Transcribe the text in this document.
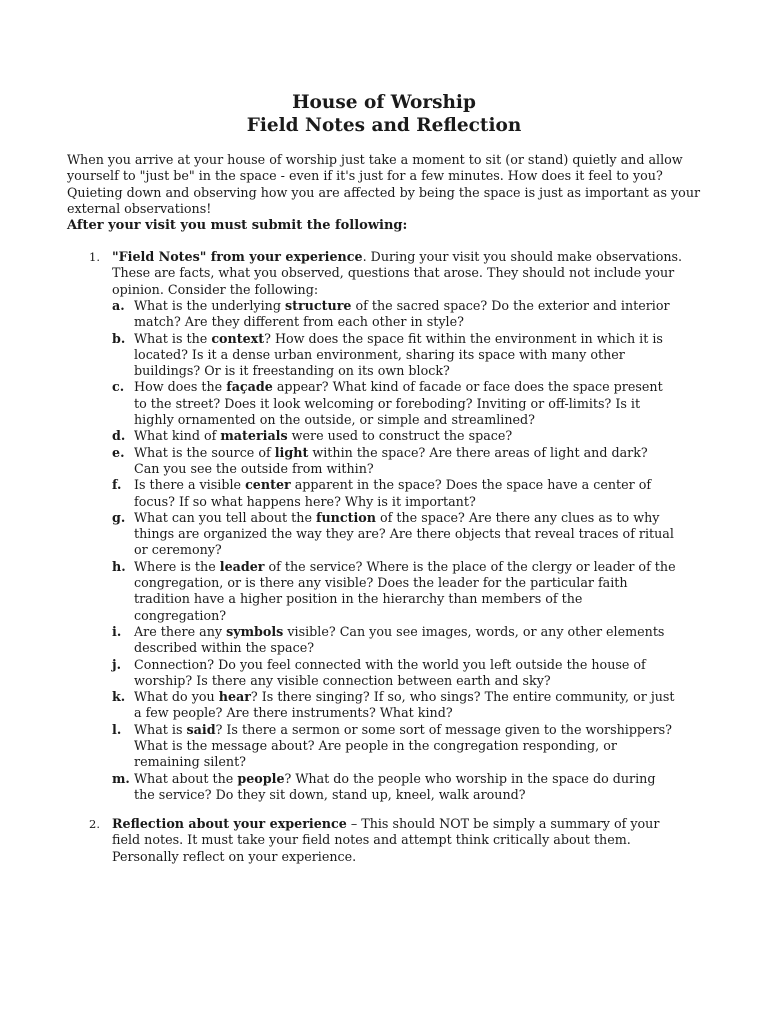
House of Worship
Field Notes and Reflection

When you arrive at your house of worship just take a moment to sit (or stand) quietly and allow yourself to "just be" in the space - even if it's just for a few minutes. How does it feel to you? Quieting down and observing how you are affected by being the space is just as important as your external observations!

After your visit you must submit the following:

1. "Field Notes" from your experience. During your visit you should make observations. These are facts, what you observed, questions that arose. They should not include your opinion. Consider the following:
a. What is the underlying structure of the sacred space? Do the exterior and interior match? Are they different from each other in style?
b. What is the context? How does the space fit within the environment in which it is located? Is it a dense urban environment, sharing its space with many other buildings? Or is it freestanding on its own block?
c. How does the façade appear? What kind of facade or face does the space present to the street? Does it look welcoming or foreboding? Inviting or off-limits? Is it highly ornamented on the outside, or simple and streamlined?
d. What kind of materials were used to construct the space?
e. What is the source of light within the space? Are there areas of light and dark? Can you see the outside from within?
f. Is there a visible center apparent in the space? Does the space have a center of focus? If so what happens here? Why is it important?
g. What can you tell about the function of the space? Are there any clues as to why things are organized the way they are? Are there objects that reveal traces of ritual or ceremony?
h. Where is the leader of the service? Where is the place of the clergy or leader of the congregation, or is there any visible? Does the leader for the particular faith tradition have a higher position in the hierarchy than members of the congregation?
i. Are there any symbols visible? Can you see images, words, or any other elements described within the space?
j. Connection? Do you feel connected with the world you left outside the house of worship? Is there any visible connection between earth and sky?
k. What do you hear? Is there singing? If so, who sings? The entire community, or just a few people? Are there instruments? What kind?
l. What is said? Is there a sermon or some sort of message given to the worshippers? What is the message about? Are people in the congregation responding, or remaining silent?
m. What about the people? What do the people who worship in the space do during the service? Do they sit down, stand up, kneel, walk around?
2. Reflection about your experience – This should NOT be simply a summary of your field notes. It must take your field notes and attempt think critically about them. Personally reflect on your experience.
